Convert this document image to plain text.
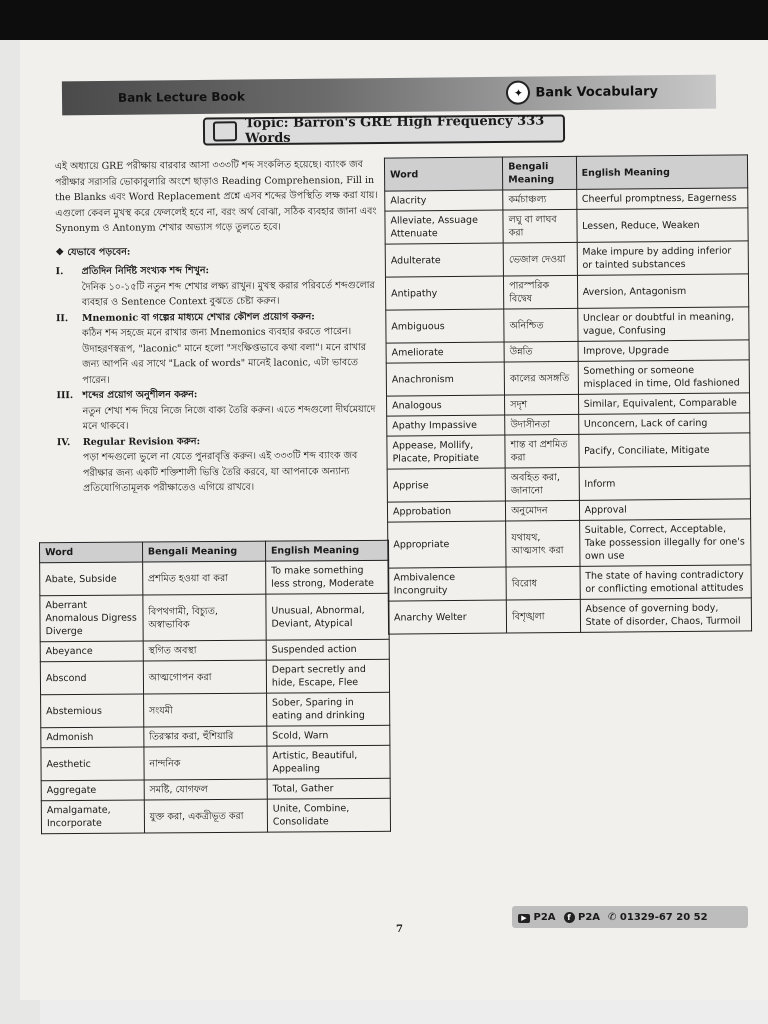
Bank Lecture Book	✦ Bank Vocabulary
Topic: Barron's GRE High Frequency 333 Words

এই অধ্যায়ে GRE পরীক্ষায় বারবার আসা ৩৩৩টি শব্দ সংকলিত হয়েছে। ব্যাংক জব পরীক্ষার সরাসরি ভোকাবুলারি অংশে ছাড়াও Reading Comprehension, Fill in the Blanks এবং Word Replacement প্রশ্নে এসব শব্দের উপস্থিতি লক্ষ করা যায়। এগুলো কেবল মুখস্থ করে ফেললেই হবে না, বরং অর্থ বোঝা, সঠিক ব্যবহার জানা এবং Synonym ও Antonym শেখার অভ্যাস গড়ে তুলতে হবে।

❖ যেভাবে পড়বেন:

I.	প্রতিদিন নির্দিষ্ট সংখ্যক শব্দ শিখুন:
দৈনিক ১০-১৫টি নতুন শব্দ শেখার লক্ষ্য রাখুন। মুখস্থ করার পরিবর্তে শব্দগুলোর ব্যবহার ও Sentence Context বুঝতে চেষ্টা করুন।
II.	Mnemonic বা গল্পের মাধ্যমে শেখার কৌশল প্রয়োগ করুন:
কঠিন শব্দ সহজে মনে রাখার জন্য Mnemonics ব্যবহার করতে পারেন। উদাহরণস্বরূপ, "laconic" মানে হলো "সংক্ষিপ্তভাবে কথা বলা"। মনে রাখার জন্য আপনি এর সাথে "Lack of words" মানেই laconic, এটা ভাবতে পারেন।
III. শব্দের প্রয়োগ অনুশীলন করুন:
নতুন শেখা শব্দ দিয়ে নিজে নিজে বাক্য তৈরি করুন। এতে শব্দগুলো দীর্ঘমেয়াদে মনে থাকবে।
IV.	Regular Revision করুন:
পড়া শব্দগুলো ভুলে না যেতে পুনরাবৃত্তি করুন। এই ৩৩৩টি শব্দ ব্যাংক জব পরীক্ষার জন্য একটি শক্তিশালী ভিত্তি তৈরি করবে, যা আপনাকে অন্যান্য প্রতিযোগিতামূলক পরীক্ষাতেও এগিয়ে রাখবে।
Word	Bengali Meaning	English Meaning
Abate, Subside	প্রশমিত হওয়া বা করা	To make something less strong, Moderate
Aberrant Anomalous Digress Diverge	বিপথগামী, বিচ্যুত, অস্বাভাবিক	Unusual, Abnormal, Deviant, Atypical
Abeyance	স্থগিত অবস্থা	Suspended action
Abscond	আত্মগোপন করা	Depart secretly and hide, Escape, Flee
Abstemious	সংযমী	Sober, Sparing in eating and drinking
Admonish	তিরস্কার করা, হুঁশিয়ারি	Scold, Warn
Aesthetic	নান্দনিক	Artistic, Beautiful, Appealing
Aggregate	সমষ্টি, যোগফল	Total, Gather
Amalgamate, Incorporate	যুক্ত করা, একত্রীভূত করা	Unite, Combine, Consolidate
Word	Bengali Meaning	English Meaning
Alacrity	কর্মচাঞ্চল্য	Cheerful promptness, Eagerness
Alleviate, Assuage Attenuate	লঘু বা লাঘব করা	Lessen, Reduce, Weaken
Adulterate	ভেজাল দেওয়া	Make impure by adding inferior or tainted substances
Antipathy	পারস্পরিক বিদ্বেষ	Aversion, Antagonism
Ambiguous	অনিশ্চিত	Unclear or doubtful in meaning, vague, Confusing
Ameliorate	উন্নতি	Improve, Upgrade
Anachronism	কালের অসঙ্গতি	Something or someone misplaced in time, Old fashioned
Analogous	সদৃশ	Similar, Equivalent, Comparable
Apathy Impassive	উদাসীনতা	Unconcern, Lack of caring
Appease, Mollify, Placate, Propitiate	শান্ত বা প্রশমিত করা	Pacify, Conciliate, Mitigate
Apprise	অবহিত করা, জানানো	Inform
Approbation	অনুমোদন	Approval
Appropriate	যথাযথ, আত্মসাৎ করা	Suitable, Correct, Acceptable, Take possession illegally for one's own use
Ambivalence Incongruity	বিরোধ	The state of having contradictory or conflicting emotional attitudes
Anarchy Welter	বিশৃঙ্খলা	Absence of governing body, State of disorder, Chaos, Turmoil
7
▶ P2A	f P2A ✆ 01329-67 20 52
